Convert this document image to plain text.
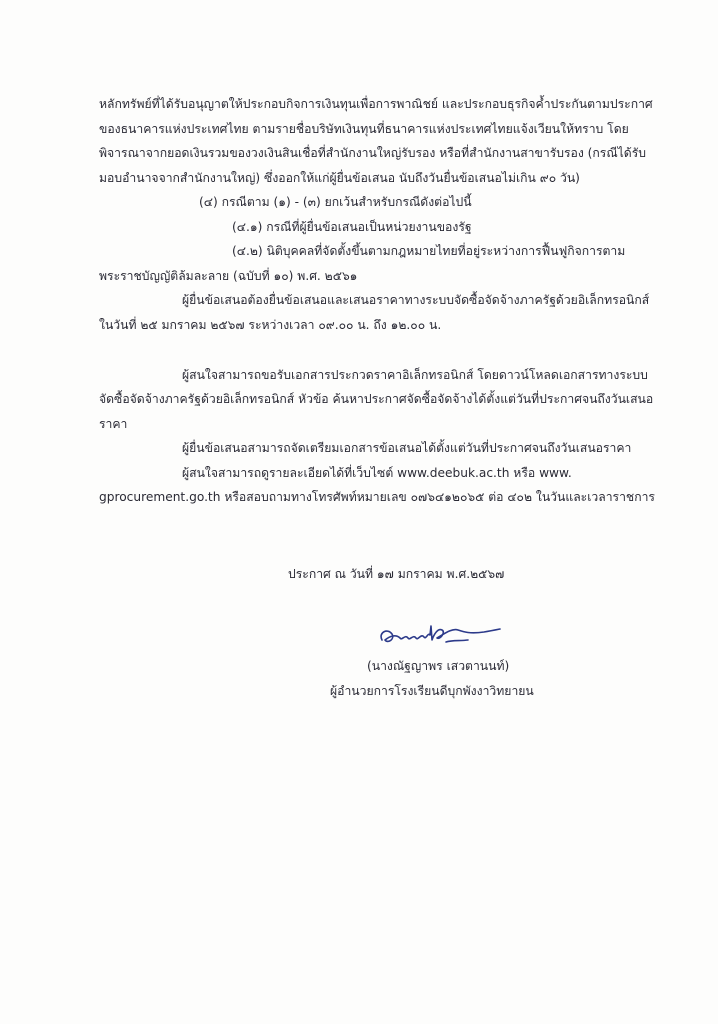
หลักทรัพย์ที่ได้รับอนุญาตให้ประกอบกิจการเงินทุนเพื่อการพาณิชย์ และประกอบธุรกิจค้ำประกันตามประกาศ
ของธนาคารแห่งประเทศไทย ตามรายชื่อบริษัทเงินทุนที่ธนาคารแห่งประเทศไทยแจ้งเวียนให้ทราบ โดย
พิจารณาจากยอดเงินรวมของวงเงินสินเชื่อที่สำนักงานใหญ่รับรอง หรือที่สำนักงานสาขารับรอง (กรณีได้รับ
มอบอำนาจจากสำนักงานใหญ่) ซึ่งออกให้แก่ผู้ยื่นข้อเสนอ นับถึงวันยื่นข้อเสนอไม่เกิน ๙๐ วัน)
(๔) กรณีตาม (๑) - (๓) ยกเว้นสำหรับกรณีดังต่อไปนี้
(๔.๑) กรณีที่ผู้ยื่นข้อเสนอเป็นหน่วยงานของรัฐ
(๔.๒) นิติบุคคลที่จัดตั้งขึ้นตามกฎหมายไทยที่อยู่ระหว่างการฟื้นฟูกิจการตาม
พระราชบัญญัติล้มละลาย (ฉบับที่ ๑๐) พ.ศ. ๒๕๖๑
ผู้ยื่นข้อเสนอต้องยื่นข้อเสนอและเสนอราคาทางระบบจัดซื้อจัดจ้างภาครัฐด้วยอิเล็กทรอนิกส์
ในวันที่ ๒๕ มกราคม ๒๕๖๗ ระหว่างเวลา ๐๙.๐๐ น. ถึง ๑๒.๐๐ น.
ผู้สนใจสามารถขอรับเอกสารประกวดราคาอิเล็กทรอนิกส์ โดยดาวน์โหลดเอกสารทางระบบ
จัดซื้อจัดจ้างภาครัฐด้วยอิเล็กทรอนิกส์ หัวข้อ ค้นหาประกาศจัดซื้อจัดจ้างได้ตั้งแต่วันที่ประกาศจนถึงวันเสนอ
ราคา
ผู้ยื่นข้อเสนอสามารถจัดเตรียมเอกสารข้อเสนอได้ตั้งแต่วันที่ประกาศจนถึงวันเสนอราคา
ผู้สนใจสามารถดูรายละเอียดได้ที่เว็บไซต์ www.deebuk.ac.th หรือ www.
gprocurement.go.th หรือสอบถามทางโทรศัพท์หมายเลข ๐๗๖๔๑๒๐๖๕ ต่อ ๔๐๒ ในวันและเวลาราชการ
ประกาศ ณ วันที่ ๑๗ มกราคม พ.ศ.๒๕๖๗
(นางณัฐญาพร เสวตานนท์)
ผู้อำนวยการโรงเรียนดีบุกพังงาวิทยายน
